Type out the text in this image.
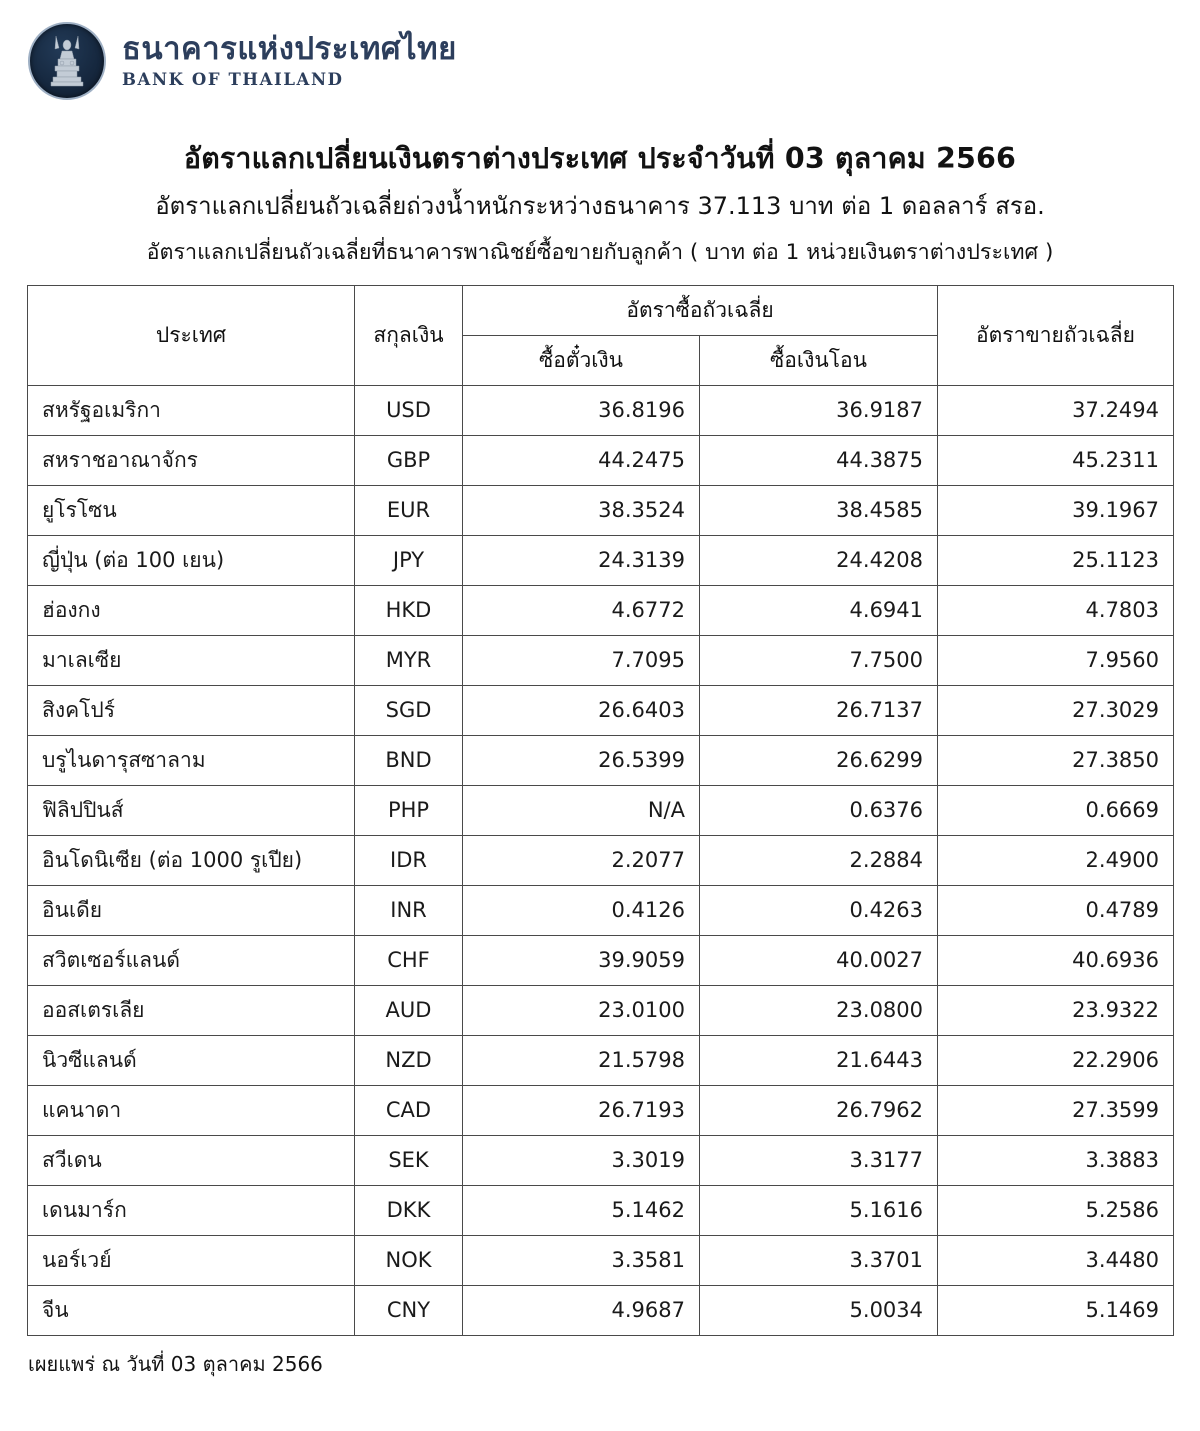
ธนาคารแห่งประเทศไทย
BANK OF THAILAND
อัตราแลกเปลี่ยนเงินตราต่างประเทศ ประจำวันที่ 03 ตุลาคม 2566
อัตราแลกเปลี่ยนถัวเฉลี่ยถ่วงน้ำหนักระหว่างธนาคาร 37.113 บาท ต่อ 1 ดอลลาร์ สรอ.
อัตราแลกเปลี่ยนถัวเฉลี่ยที่ธนาคารพาณิชย์ซื้อขายกับลูกค้า ( บาท ต่อ 1 หน่วยเงินตราต่างประเทศ )
ประเทศ	สกุลเงิน	อัตราซื้อถัวเฉลี่ย		อัตราขายถัวเฉลี่ย
		ซื้อตั๋วเงิน	ซื้อเงินโอน	
สหรัฐอเมริกา	USD	36.8196	36.9187	37.2494
สหราชอาณาจักร	GBP	44.2475	44.3875	45.2311
ยูโรโซน	EUR	38.3524	38.4585	39.1967
ญี่ปุ่น (ต่อ 100 เยน)	JPY	24.3139	24.4208	25.1123
ฮ่องกง	HKD	4.6772	4.6941	4.7803
มาเลเซีย	MYR	7.7095	7.7500	7.9560
สิงคโปร์	SGD	26.6403	26.7137	27.3029
บรูไนดารุสซาลาม	BND	26.5399	26.6299	27.3850
ฟิลิปปินส์	PHP	N/A	0.6376	0.6669
อินโดนิเซีย (ต่อ 1000 รูเปีย)	IDR	2.2077	2.2884	2.4900
อินเดีย	INR	0.4126	0.4263	0.4789
สวิตเซอร์แลนด์	CHF	39.9059	40.0027	40.6936
ออสเตรเลีย	AUD	23.0100	23.0800	23.9322
นิวซีแลนด์	NZD	21.5798	21.6443	22.2906
แคนาดา	CAD	26.7193	26.7962	27.3599
สวีเดน	SEK	3.3019	3.3177	3.3883
เดนมาร์ก	DKK	5.1462	5.1616	5.2586
นอร์เวย์	NOK	3.3581	3.3701	3.4480
จีน	CNY	4.9687	5.0034	5.1469
เผยแพร่ ณ วันที่ 03 ตุลาคม 2566
